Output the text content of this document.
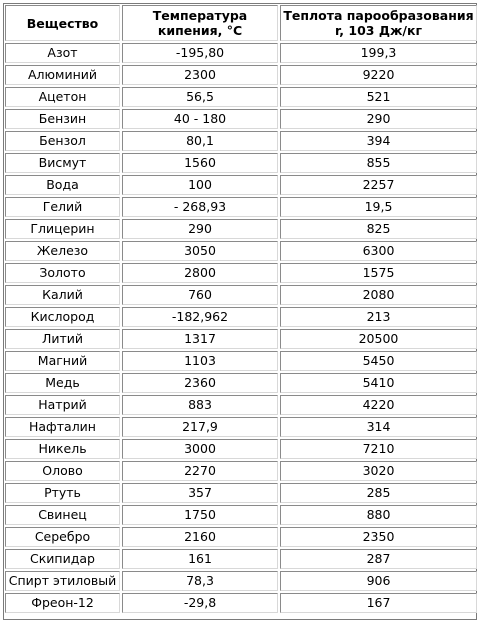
Вещество	Температура кипения, °С	Теплота парообразования r, 103 Дж/кг
Азот	-195,80	199,3
Алюминий	2300	9220
Ацетон	56,5	521
Бензин	40 - 180	290
Бензол	80,1	394
Висмут	1560	855
Вода	100	2257
Гелий	- 268,93	19,5
Глицерин	290	825
Железо	3050	6300
Золото	2800	1575
Калий	760	2080
Кислород	-182,962	213
Литий	1317	20500
Магний	1103	5450
Медь	2360	5410
Натрий	883	4220
Нафталин	217,9	314
Никель	3000	7210
Олово	2270	3020
Ртуть	357	285
Свинец	1750	880
Серебро	2160	2350
Скипидар	161	287
Спирт этиловый	78,3	906
Фреон-12	-29,8	167
